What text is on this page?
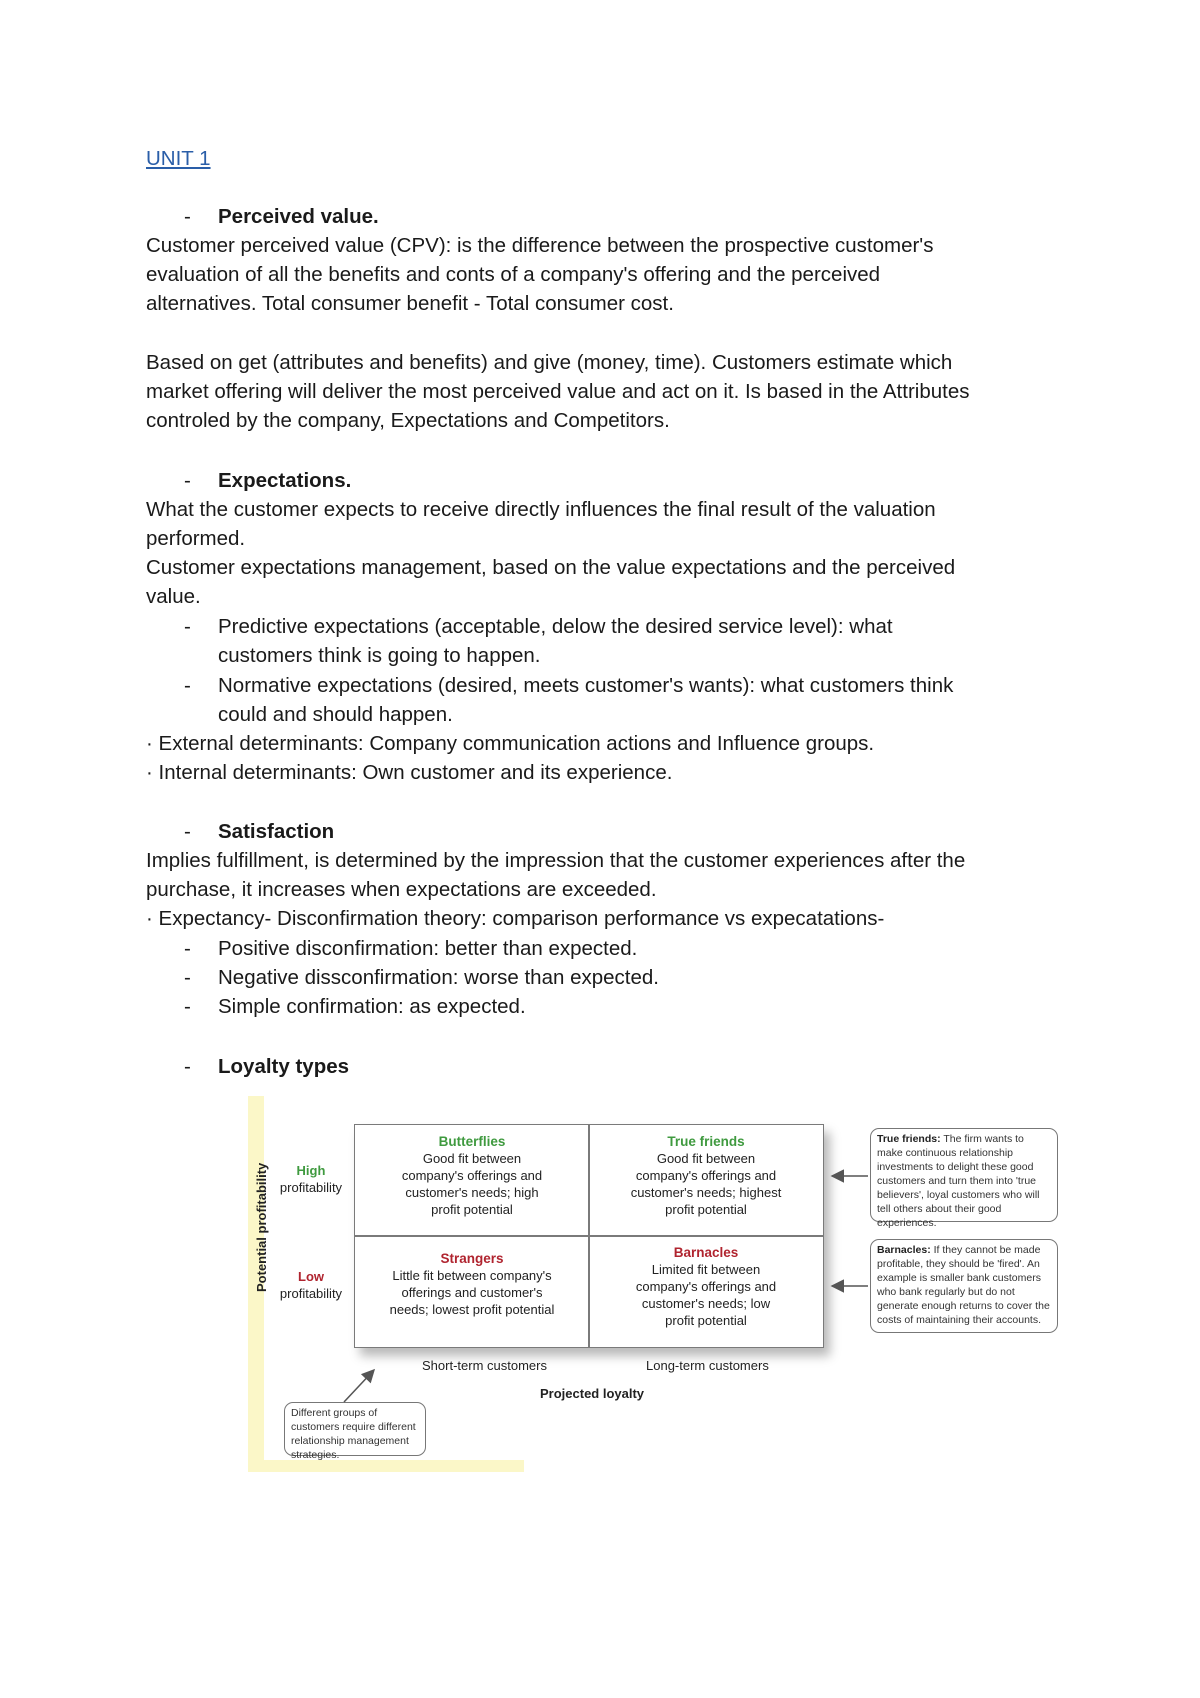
UNIT 1
- Perceived value.
Customer perceived value (CPV): is the difference between the prospective customer's
evaluation of all the benefits and conts of a company's offering and the perceived
alternatives. Total consumer benefit - Total consumer cost.
Based on get (attributes and benefits) and give (money, time). Customers estimate which
market offering will deliver the most perceived value and act on it. Is based in the Attributes
controled by the company, Expectations and Competitors.
- Expectations.
What the customer expects to receive directly influences the final result of the valuation
performed.
Customer expectations management, based on the value expectations and the perceived
value.
- Predictive expectations (acceptable, delow the desired service level): what
customers think is going to happen.
- Normative expectations (desired, meets customer's wants): what customers think
could and should happen.
· External determinants: Company communication actions and Influence groups.
· Internal determinants: Own customer and its experience.
- Satisfaction
Implies fulfillment, is determined by the impression that the customer experiences after the
purchase, it increases when expectations are exceeded.
· Expectancy- Disconfirmation theory: comparison performance vs expecatations-
- Positive disconfirmation: better than expected.
- Negative dissconfirmation: worse than expected.
- Simple confirmation: as expected.
- Loyalty types
Potential profitability	High
profitability
Low
profitability
Butterflies
Good fit between
company's offerings and
customer's needs; high
profit potential
True friends
Good fit between
company's offerings and
customer's needs; highest
profit potential
Strangers
Little fit between company's
offerings and customer's
needs; lowest profit potential
Barnacles
Limited fit between
company's offerings and
customer's needs; low
profit potential
Short-term customers	Long-term customers
Projected loyalty
True friends: The firm wants to make continuous relationship investments to delight these good customers and turn them into 'true believers', loyal customers who will tell others about their good experiences.
Barnacles: If they cannot be made profitable, they should be 'fired'. An example is smaller bank customers who bank regularly but do not generate enough returns to cover the costs of maintaining their accounts.
Different groups of customers require different relationship management strategies.
